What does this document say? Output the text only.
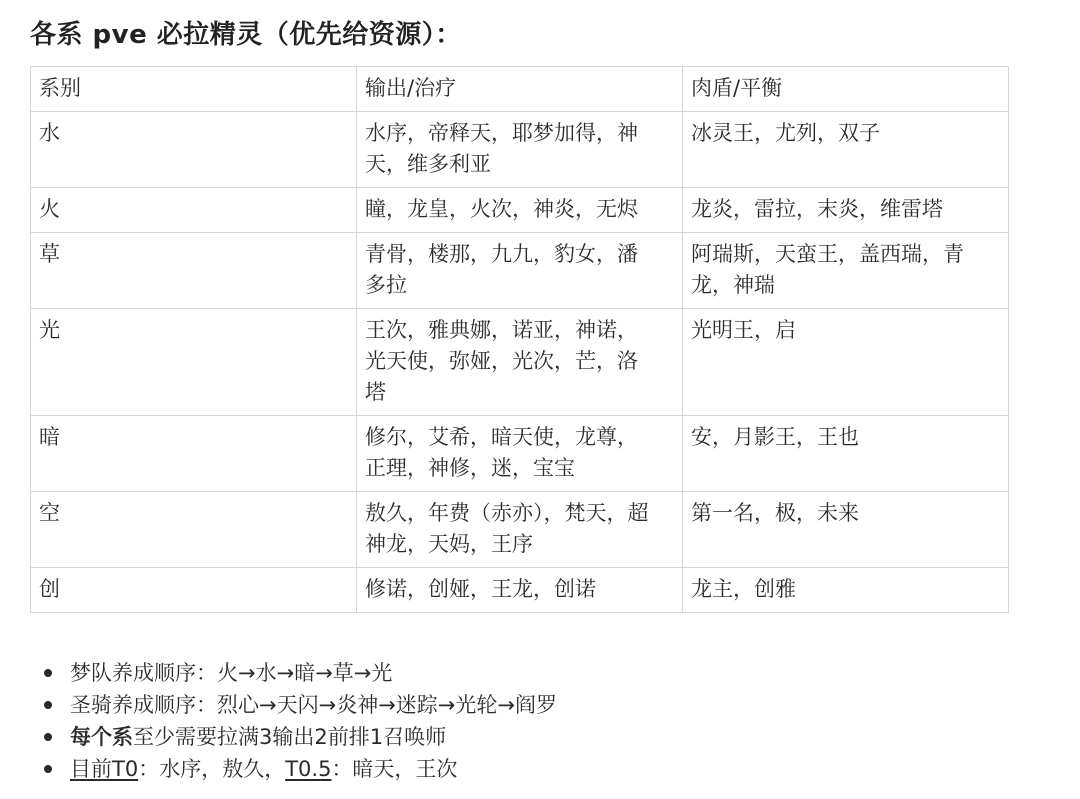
各系 pve 必拉精灵（优先给资源）：
系别	输出/治疗	肉盾/平衡
水	水序，帝释天，耶梦加得，神天，维多利亚	冰灵王，尤列，双子
火	瞳，龙皇，火次，神炎，无烬	龙炎，雷拉，末炎，维雷塔
草	青骨，楼那，九九，豹女，潘多拉	阿瑞斯，天蛮王，盖西瑞，青龙，神瑞
光	王次，雅典娜，诺亚，神诺，光天使，弥娅，光次，芒，洛塔	光明王，启
暗	修尔，艾希，暗天使，龙尊，正理，神修，迷，宝宝	安，月影王，王也
空	敖久，年费（赤亦），梵天，超神龙，天妈，王序	第一名，极，未来
创	修诺，创娅，王龙，创诺	龙主，创雅
梦队养成顺序：火→水→暗→草→光
圣骑养成顺序：烈心→天闪→炎神→迷踪→光轮→阎罗
每个系至少需要拉满3输出2前排1召唤师
目前T0：水序，敖久，T0.5：暗天，王次
